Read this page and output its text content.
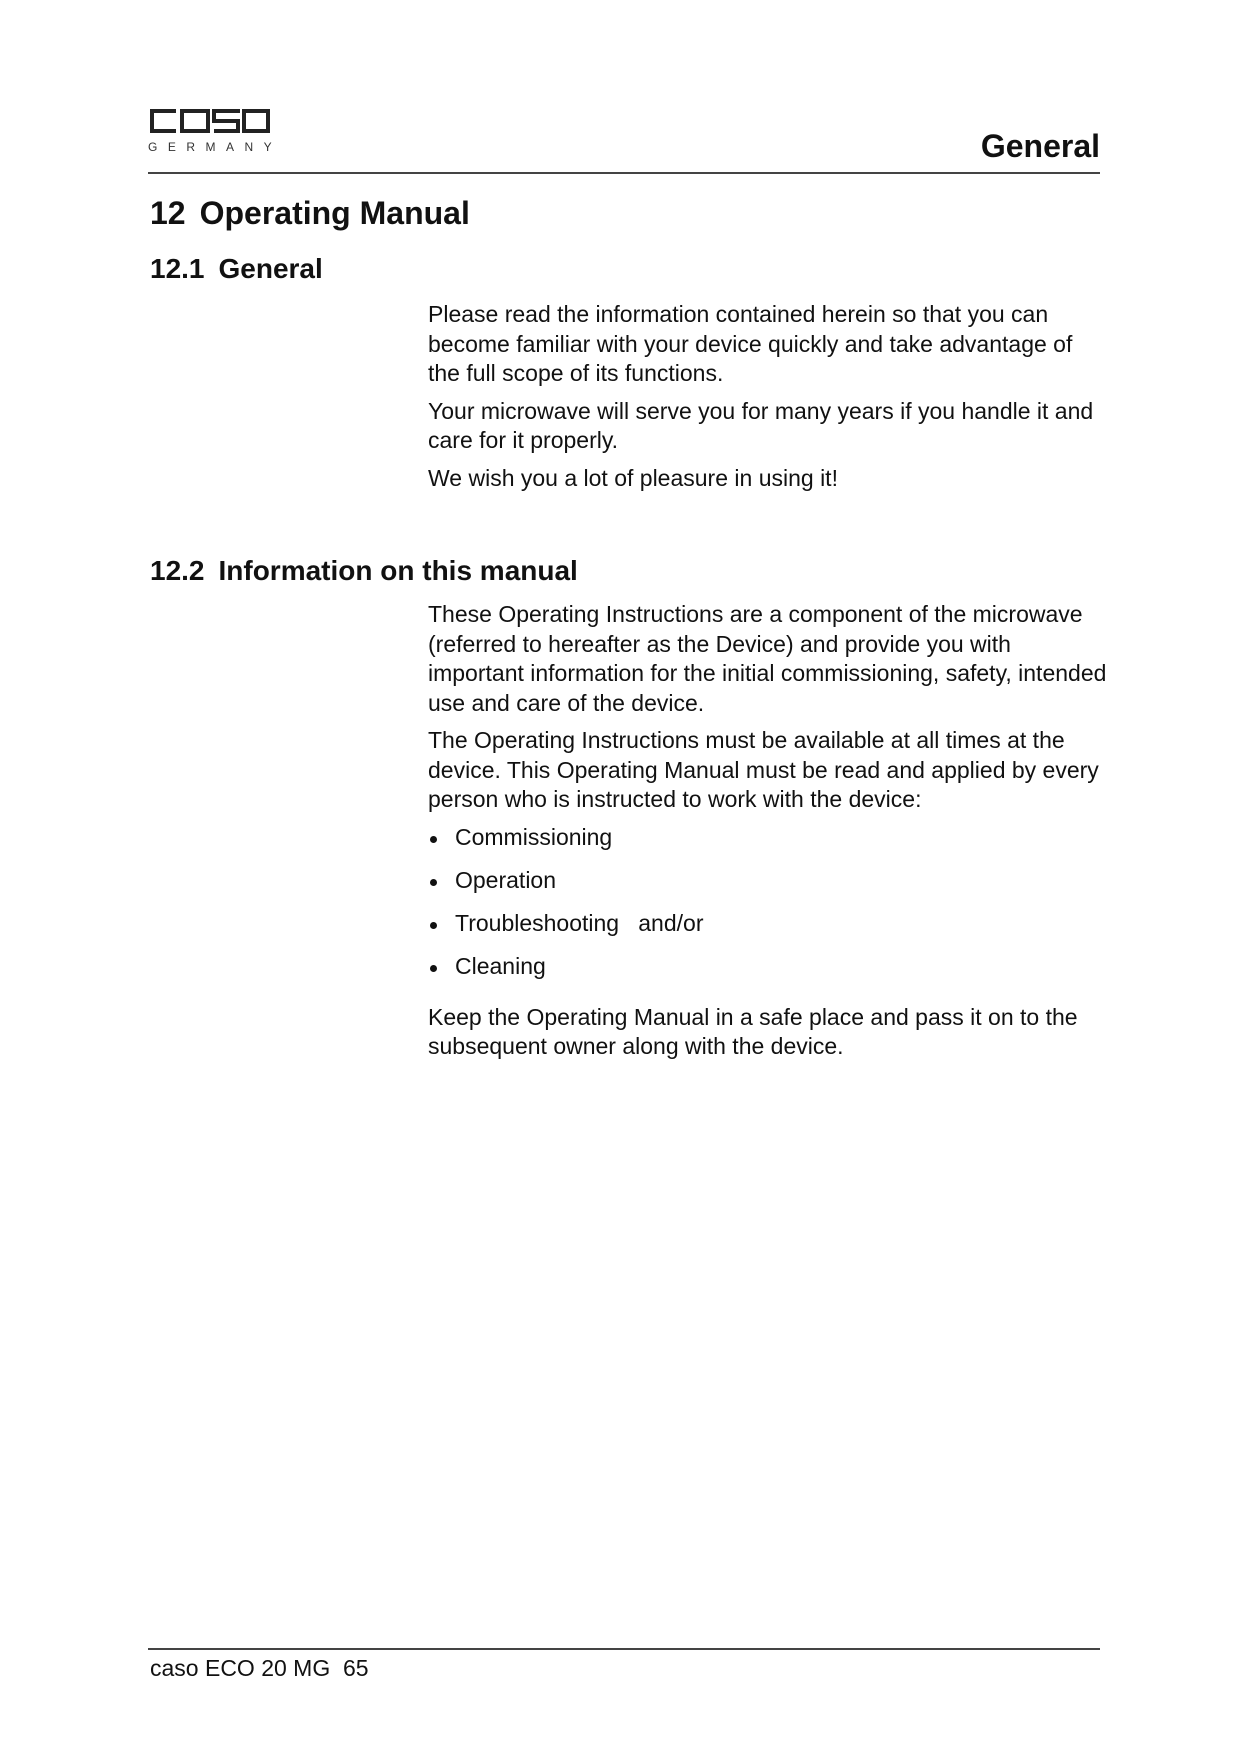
GERMANY	General
12 Operating Manual
12.1 General

Please read the information contained herein so that you can become familiar with your device quickly and take advantage of the full scope of its functions.

Your microwave will serve you for many years if you handle it and care for it properly.

We wish you a lot of pleasure in using it!

12.2 Information on this manual

These Operating Instructions are a component of the microwave (referred to hereafter as the Device) and provide you with important information for the initial commissioning, safety, intended use and care of the device.

The Operating Instructions must be available at all times at the device. This Operating Manual must be read and applied by every person who is instructed to work with the device:

Commissioning
Operation
Troubleshooting   and/or
Cleaning

Keep the Operating Manual in a safe place and pass it on to the subsequent owner along with the device.

caso ECO 20 MG 65
